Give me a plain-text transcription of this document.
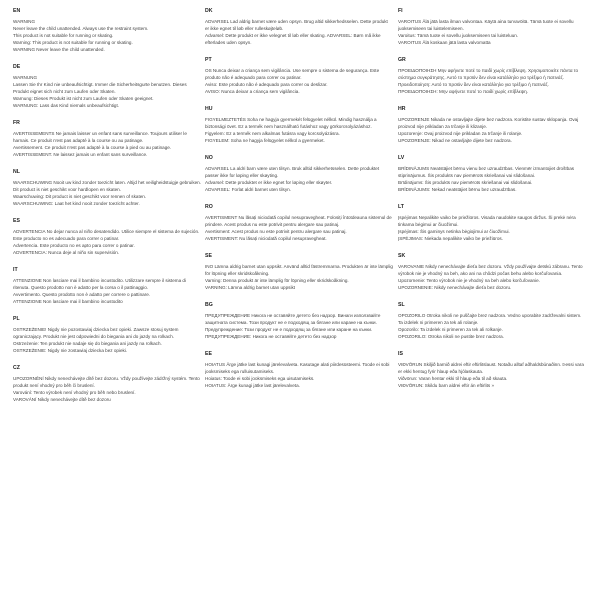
EN
WARNING
Never leave the child unattended. Always use the restraint system.
This product is not suitable for running or skating.
Warning: This product is not suitable for running or skating.
WARNING Never leave the child unattended.
DE
WARNUNG
Lassen Sie Ihr Kind nie unbeaufsichtigt. Immer die Sicherheitsgurte benutzen. Dieses Produkt eignet sich nicht zum Laufen oder Skaten.
Warnung: Dieses Produkt ist nicht zum Laufen oder Skaten geeignet.
WARNUNG: Lass das Kind niemals unbeaufsichtigt.
FR
AVERTISSEMENTS Ne jamais laisser un enfant sans surveillance. Toujours utiliser le harnais. Ce produit n'est pas adapté à la course ou au patinage.
Avertissement. Ce produit n'est pas adapté à la course à pied ou au patinage.
AVERTISSEMENT. Ne laissez jamais un enfant sans surveillance.
NL
WAARSCHUWING Nooit uw kind zonder toezicht laten. Altijd het veiligheidstuigje gebruiken. Dit product is niet geschikt voor hardlopen en skaten.
Waarschuwing: Dit product is niet geschikt voor rennen of skaten.
WAARSCHUWING: Laat het kind nooit zonder toezicht achter.
ES
ADVERTENCIA No dejar nunca al niño desatendido. Utilice siempre el sistema de sujeción. Este producto no es adecuado para correr o patinar.
Advertencia. Este producto no es apto para correr o patinar.
ADVERTENCIA: Nunca deje al niño sin supervisión.
IT
ATTENZIONE Non lasciare mai il bambino incustodito. Utilizzare sempre il sistema di ritenuta. Questo prodotto non è adatto per la corsa o il pattinaggio.
Avvertimento. Questo prodotto non è adatto per correre o pattinare.
ATTENZIONE Non lasciare mai il bambino incustodito
PL
OSTRZEŻENIE! Nigdy nie pozostawiaj dziecka bez opieki. Zawsze stosuj system ograniczający. Produkt nie jest odpowiedni do biegania ani do jazdy na rolkach.
Ostrzeżenie: Ten produkt nie nadaje się do biegania ani jazdy na rolkach.
OSTRZEŻENIE: Nigdy nie zostawiaj dziecka bez opieki.
CZ
UPOZORNĚNÍ Nikdy nenechávejte dítě bez dozoru. Vždy používejte zádržný systém. Tento produkt není vhodný pro běh či bruslení.
Varování: Tento výrobek není vhodný pro běh nebo bruslení.
VAROVÁNÍ Nikdy nenechávejte dítě bez dozoru
DK
ADVARSEL Lad aldrig barnet være uden opsyn. Brug altid sikkerhedsselen. Dette produkt er ikke egnet til løb eller rulleskøjteløb.
Advarsel: Dette produkt er ikke velegnet til løb eller skating. ADVARSEL: Børn må ikke efterlades uden opsyn.
PT
OS Nunca deixar a criança sem vigilância. Use sempre o sistema de segurança. Este produto não é adequado para correr ou patinar.
Aviso: Este produto não é adequado para correr ou deslizar.
AVISO: Nunca deixar a criança sem vigilância.
HU
FIGYELMEZTETÉS Soha ne hagyja gyermekét felügyelet nélkül. Mindig használja a biztonsági övet. Ez a termék nem használható futáshoz vagy görkorcsolyázáshoz.
Figyelem: Ez a termék nem alkalmas futásra vagy korcsolyázásra.
FIGYELEM: Soha ne hagyja felügyelet nélkül a gyermeket.
NO
ADVARSEL La aldri barn være uten tilsyn. Bruk alltid sikkerhetsselen. Dette produktet passer ikke for løping eller skøyting.
Advarsel: Dette produktet er ikke egnet for løping eller skøyter.
ADVARSEL: Forlat aldri barnet uten tilsyn.
RO
AVERTISMENT Nu lăsați niciodată copilul nesupravegheat. Folosiți întotdeauna sistemul de prindere. Acest produs nu este potrivit pentru alergare sau patinaj.
Avertisment: Acest produs nu este potrivit pentru alergare sau patinaj.
AVERTISMENT: Nu lăsați niciodată copilul nesupravegheat.
SE
INO Lämna aldrig barnet utan uppsikt. Använd alltid fästremmarna. Produkten är inte lämplig för löpning eller skridskoåkning.
Varning: Denna produkt är inte lämplig för löpning eller skridskoåkning.
VARNING: Lämna aldrig barnet utan uppsikt
BG
ПРЕДУПРЕЖДЕНИЕ Никога не оставяйте детето без надзор. Винаги използвайте защитната система. Този продукт не е подходящ за бягане или каране на кънки.
Предупреждение: Този продукт не е подходящ за бягане или каране на кънки.
ПРЕДУПРЕЖДЕНИЕ: Никога не оставяйте детето без надзор
EE
HOIATUS Ärge jätke last kunagi järelevalveta. Kasutage alati piirdesüsteemi. Toode ei sobi jooksmiseks ega rulluisutamiseks.
Hoiatus: Toode ei sobi jooksmiseks ega uisutamiseks.
HOIATUS: Ärge kunagi jätke last järelevalveta.
FI
VAROITUS Älä jätä lasta ilman valvontaa. Käytä aina turvavöitä. Tämä tuote ei sovellu juoksemiseen tai luistelemiseen.
Varoitus: Tämä tuote ei sovellu juoksemiseen tai luisteluun.
VAROITUS Älä koskaan jätä lasta valvomatta
GR
ΠΡΟΕΙΔΟΠΟΙΗΣΗ Μην αφήνετε ποτέ το παιδί χωρίς επίβλεψη. Χρησιμοποιείτε πάντα το σύστημα συγκράτησης. Αυτό το προϊόν δεν είναι κατάλληλο για τρέξιμο ή πατινάζ.
Προειδοποίηση: Αυτό το προϊόν δεν είναι κατάλληλο για τρέξιμο ή πατινάζ.
ΠΡΟΕΙΔΟΠΟΙΗΣΗ: Μην αφήνετε ποτέ το παιδί χωρίς επίβλεψη.
HR
UPOZORENJE Nikada ne ostavljajte dijete bez nadzora. Koristite sustav sklopanja. Ovaj proizvod nije prikladan za trčanje ili klizanje.
Upozorenje: Ovaj proizvod nije prikladan za trčanje ili rolanje.
UPOZORENJE: Nikad ne ostavljajte dijete bez nadzora.
LV
BRĪDINĀJUMS Neatstājiet bērnu vienu bez uzraudzības. Vienmēr izmantojiet drošības stiprinājumus. Šis produkts nav piemērots skriešanai vai slidošanai.
Brīdinājums: Šis produkts nav piemērots skriešanai vai slidošanai.
BRĪDINĀJUMS: Nekad neatstājiet bērnu bez uzraudzības.
LT
Įspėjimas Nepalikite vaiko be priežiūros. Visada naudokite saugos diržus. Ši prekė nėra tinkama bėgimui ar čiuožimui.
Įspėjimas: Šis gaminys netinka bėgiojimui ar čiuožimui.
ĮSPĖJIMAS: Niekada nepalikite vaiko be priežiūros.
SK
VAROVANIE Nikdy nenechávajte dieťa bez dozoru. Vždy používajte detskú zábranu. Tento výrobok nie je vhodný na beh, ako ani na chôdzi počas behu alebo korčuľovania.
Upozornenie: Tento výrobok nie je vhodný na beh alebo korčuľovanie.
UPOZORNENIE: Nikdy nenechávajte dieťa bez dozoru.
SL
OPOZORILO Otroka nikoli ne puščajte brez nadzora. Vedno uporabite zadrževalni sistem. Ta izdelek ni primeren za tek ali rolanje.
Opozorilo: Ta izdelek ni primeren za tek ali rolkanje.
OPOZORILO: Otroka nikoli ne pustite brez nadzora.
IS
VIÐVÖRUN Skiljið barnið aldrei eftir eftirlitslaust. Notaðu alltaf aðhaldsbúnaðinn. Þessi vara er ekki hentug fyrir hlaup eða hjólaskauta.
Viðvörun: Varan hentar ekki til hlaup eða til að skauta.
VIÐVÖRUN: Skildu barn aldrei eftir án eftirlits »
